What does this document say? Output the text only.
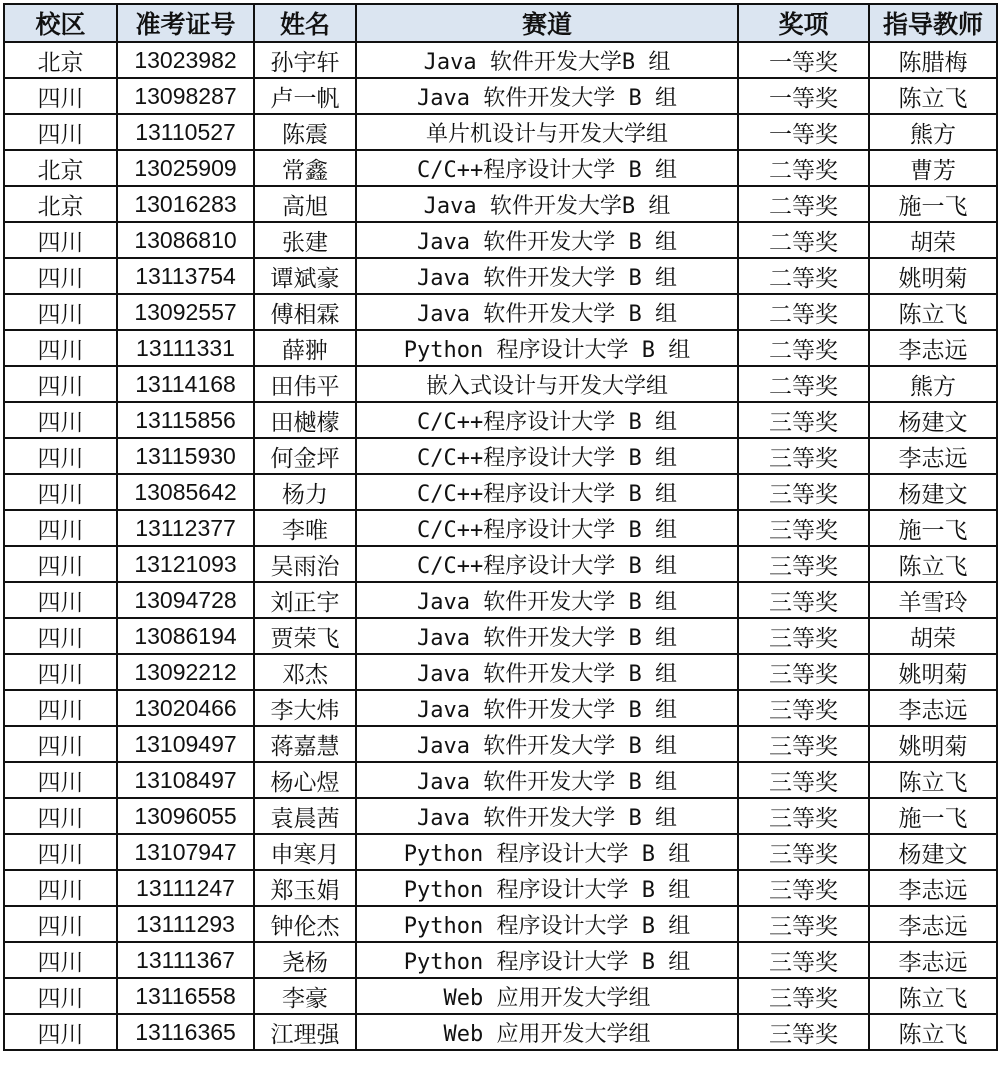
校区	准考证号	姓名	赛道	奖项	指导教师
北京	13023982	孙宇轩	Java 软件开发大学B 组	一等奖	陈腊梅
四川	13098287	卢一帆	Java 软件开发大学 B 组	一等奖	陈立飞
四川	13110527	陈震	单片机设计与开发大学组	一等奖	熊方
北京	13025909	常鑫	C/C++程序设计大学 B 组	二等奖	曹芳
北京	13016283	高旭	Java 软件开发大学B 组	二等奖	施一飞
四川	13086810	张建	Java 软件开发大学 B 组	二等奖	胡荣
四川	13113754	谭斌豪	Java 软件开发大学 B 组	二等奖	姚明菊
四川	13092557	傅相霖	Java 软件开发大学 B 组	二等奖	陈立飞
四川	13111331	薛翀	Python 程序设计大学 B 组	二等奖	李志远
四川	13114168	田伟平	嵌入式设计与开发大学组	二等奖	熊方
四川	13115856	田樾檬	C/C++程序设计大学 B 组	三等奖	杨建文
四川	13115930	何金坪	C/C++程序设计大学 B 组	三等奖	李志远
四川	13085642	杨力	C/C++程序设计大学 B 组	三等奖	杨建文
四川	13112377	李唯	C/C++程序设计大学 B 组	三等奖	施一飞
四川	13121093	吴雨治	C/C++程序设计大学 B 组	三等奖	陈立飞
四川	13094728	刘正宇	Java 软件开发大学 B 组	三等奖	羊雪玲
四川	13086194	贾荣飞	Java 软件开发大学 B 组	三等奖	胡荣
四川	13092212	邓杰	Java 软件开发大学 B 组	三等奖	姚明菊
四川	13020466	李大炜	Java 软件开发大学 B 组	三等奖	李志远
四川	13109497	蒋嘉慧	Java 软件开发大学 B 组	三等奖	姚明菊
四川	13108497	杨心煜	Java 软件开发大学 B 组	三等奖	陈立飞
四川	13096055	袁晨茜	Java 软件开发大学 B 组	三等奖	施一飞
四川	13107947	申寒月	Python 程序设计大学 B 组	三等奖	杨建文
四川	13111247	郑玉娟	Python 程序设计大学 B 组	三等奖	李志远
四川	13111293	钟伦杰	Python 程序设计大学 B 组	三等奖	李志远
四川	13111367	尧杨	Python 程序设计大学 B 组	三等奖	李志远
四川	13116558	李豪	Web 应用开发大学组	三等奖	陈立飞
四川	13116365	江理强	Web 应用开发大学组	三等奖	陈立飞
